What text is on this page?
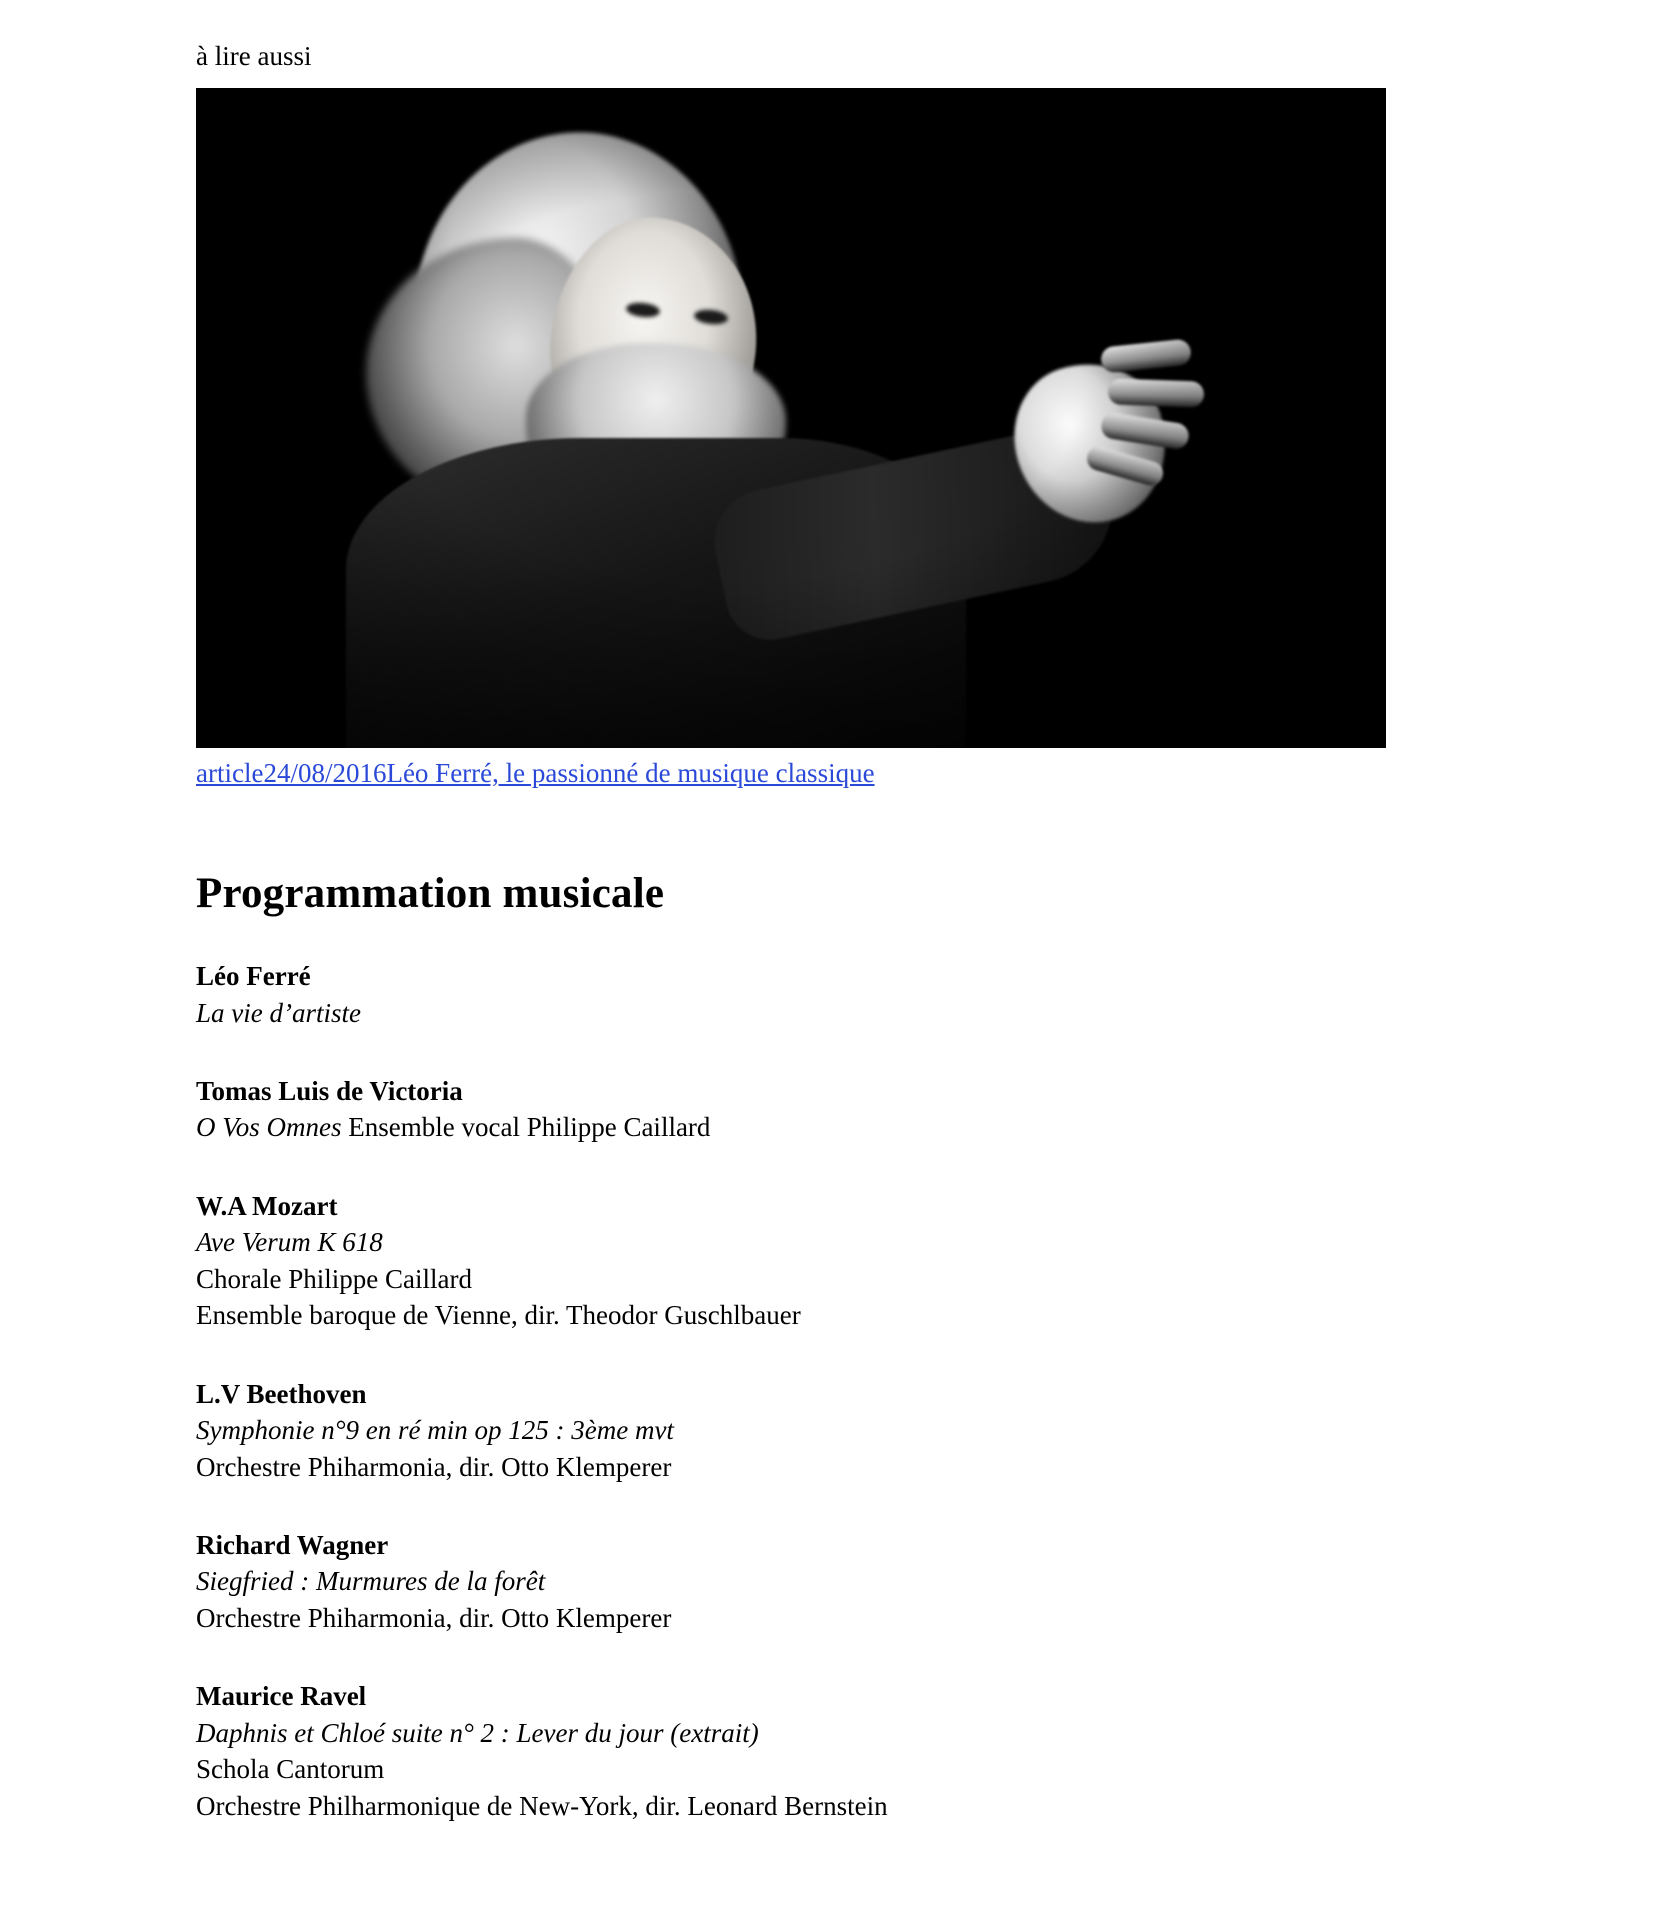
à lire aussi
article24/08/2016Léo Ferré, le passionné de musique classique
Programmation musicale
Léo Ferré
La vie d’artiste
Tomas Luis de Victoria
O Vos Omnes Ensemble vocal Philippe Caillard
W.A Mozart
Ave Verum K 618
Chorale Philippe Caillard
Ensemble baroque de Vienne, dir. Theodor Guschlbauer
L.V Beethoven
Symphonie n°9 en ré min op 125 : 3ème mvt
Orchestre Phiharmonia, dir. Otto Klemperer
Richard Wagner
Siegfried : Murmures de la forêt
Orchestre Phiharmonia, dir. Otto Klemperer
Maurice Ravel
Daphnis et Chloé suite n° 2 : Lever du jour (extrait)
Schola Cantorum
Orchestre Philharmonique de New-York, dir. Leonard Bernstein
